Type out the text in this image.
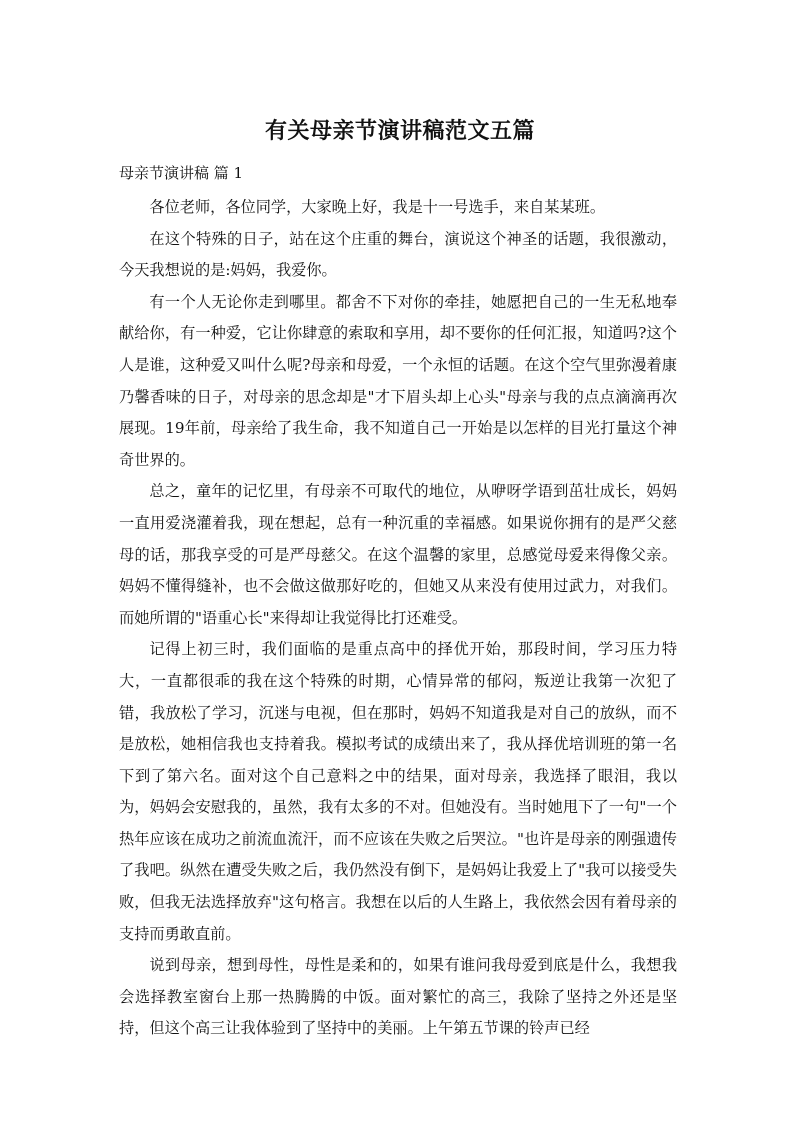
有关母亲节演讲稿范文五篇
母亲节演讲稿 篇 1

各位老师，各位同学，大家晚上好，我是十一号选手，来自某某班。

在这个特殊的日子，站在这个庄重的舞台，演说这个神圣的话题，我很激动，今天我想说的是:妈妈，我爱你。

有一个人无论你走到哪里。都舍不下对你的牵挂，她愿把自己的一生无私地奉献给你，有一种爱，它让你肆意的索取和享用，却不要你的任何汇报，知道吗?这个人是谁，这种爱又叫什么呢?母亲和母爱，一个永恒的话题。在这个空气里弥漫着康乃馨香味的日子，对母亲的思念却是"才下眉头却上心头"母亲与我的点点滴滴再次展现。19年前，母亲给了我生命，我不知道自己一开始是以怎样的目光打量这个神奇世界的。

总之，童年的记忆里，有母亲不可取代的地位，从咿呀学语到茁壮成长，妈妈一直用爱浇灌着我，现在想起，总有一种沉重的幸福感。如果说你拥有的是严父慈母的话，那我享受的可是严母慈父。在这个温馨的家里，总感觉母爱来得像父亲。妈妈不懂得缝补，也不会做这做那好吃的，但她又从来没有使用过武力，对我们。而她所谓的"语重心长"来得却让我觉得比打还难受。

记得上初三时，我们面临的是重点高中的择优开始，那段时间，学习压力特大，一直都很乖的我在这个特殊的时期，心情异常的郁闷，叛逆让我第一次犯了错，我放松了学习，沉迷与电视，但在那时，妈妈不知道我是对自己的放纵，而不是放松，她相信我也支持着我。模拟考试的成绩出来了，我从择优培训班的第一名下到了第六名。面对这个自己意料之中的结果，面对母亲，我选择了眼泪，我以为，妈妈会安慰我的，虽然，我有太多的不对。但她没有。当时她甩下了一句"一个热年应该在成功之前流血流汗，而不应该在失败之后哭泣。"也许是母亲的刚强遗传了我吧。纵然在遭受失败之后，我仍然没有倒下，是妈妈让我爱上了"我可以接受失败，但我无法选择放弃"这句格言。我想在以后的人生路上，我依然会因有着母亲的支持而勇敢直前。

说到母亲，想到母性，母性是柔和的，如果有谁问我母爱到底是什么，我想我会选择教室窗台上那一热腾腾的中饭。面对繁忙的高三，我除了坚持之外还是坚持，但这个高三让我体验到了坚持中的美丽。上午第五节课的铃声已经
